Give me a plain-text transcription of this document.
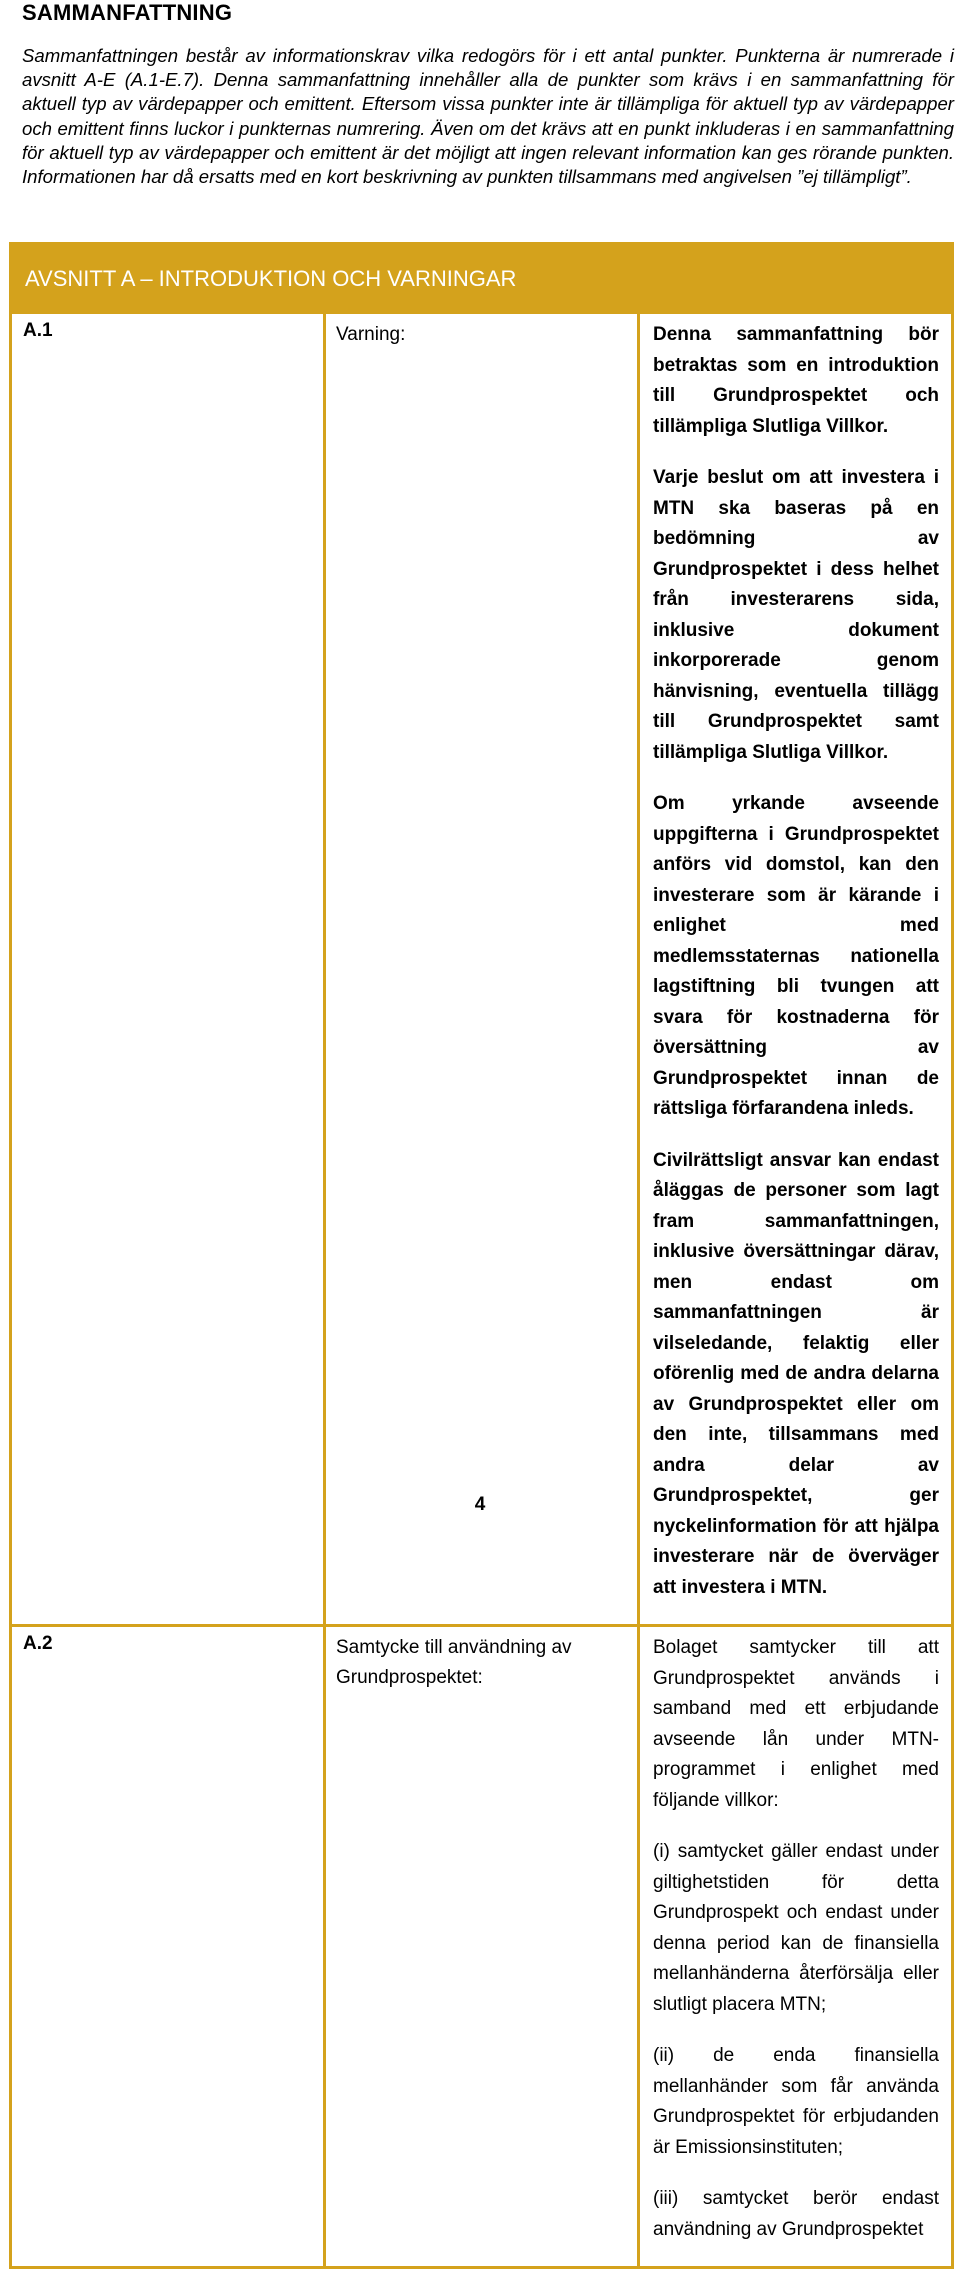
SAMMANFATTNING

Sammanfattningen består av informationskrav vilka redogörs för i ett antal punkter. Punkterna är numrerade i avsnitt A-E (A.1-E.7). Denna sammanfattning innehåller alla de punkter som krävs i en sammanfattning för aktuell typ av värdepapper och emittent. Eftersom vissa punkter inte är tillämpliga för aktuell typ av värdepapper och emittent finns luckor i punkternas numrering. Även om det krävs att en punkt inkluderas i en sammanfattning för aktuell typ av värdepapper och emittent är det möjligt att ingen relevant information kan ges rörande punkten. Informationen har då ersatts med en kort beskrivning av punkten tillsammans med angivelsen ”ej tillämpligt”.

AVSNITT A – INTRODUKTION OCH VARNINGAR		
A.1	Varning:	Denna sammanfattning bör betraktas som en introduktion till Grundprospektet och tillämpliga Slutliga Villkor.

Varje beslut om att investera i MTN ska baseras på en bedömning av Grundprospektet i dess helhet från investerarens sida, inklusive dokument inkorporerade genom hänvisning, eventuella tillägg till Grundprospektet samt tillämpliga Slutliga Villkor.

Om yrkande avseende uppgifterna i Grundprospektet anförs vid domstol, kan den investerare som är kärande i enlighet med medlemsstaternas nationella lagstiftning bli tvungen att svara för kostnaderna för översättning av Grundprospektet innan de rättsliga förfarandena inleds.

Civilrättsligt ansvar kan endast åläggas de personer som lagt fram sammanfattningen, inklusive översättningar därav, men endast om sammanfattningen är vilseledande, felaktig eller oförenlig med de andra delarna av Grundprospektet eller om den inte, tillsammans med andra delar av Grundprospektet, ger nyckelinformation för att hjälpa investerare när de överväger att investera i MTN.

A.2	Samtycke till användning av Grundprospektet:	Bolaget samtycker till att Grundprospektet används i samband med ett erbjudande avseende lån under MTN-programmet i enlighet med följande villkor:

(i) samtycket gäller endast under giltighetstiden för detta Grundprospekt och endast under denna period kan de finansiella mellanhänderna återförsälja eller slutligt placera MTN;

(ii) de enda finansiella mellanhänder som får använda Grundprospektet för erbjudanden är Emissionsinstituten;

(iii) samtycket berör endast användning av Grundprospektet

4
